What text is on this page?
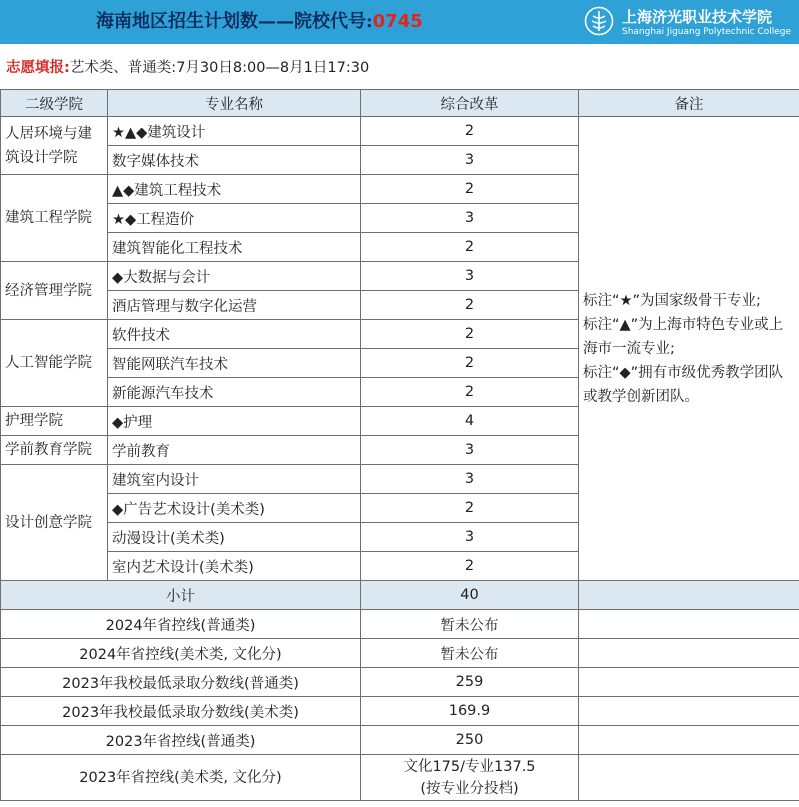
海南地区招生计划数——院校代号:0745	上海济光职业技术学院
Shanghai Jiguang Polytechnic College
志愿填报:艺术类、普通类:7月30日8:00—8月1日17:30
二级学院	专业名称	综合改革	备注
人居环境与建筑设计学院	★▲◆建筑设计	2	标注“★”为国家级骨干专业;
标注“▲”为上海市特色专业或上海市一流专业;
标注“◆”拥有市级优秀教学团队或教学创新团队。

	数字媒体技术	3	
建筑工程学院	▲◆建筑工程技术	2	
	★◆工程造价	3	
	建筑智能化工程技术	2	
经济管理学院	◆大数据与会计	3	
	酒店管理与数字化运营	2	
人工智能学院	软件技术	2	
	智能网联汽车技术	2	
	新能源汽车技术	2	
护理学院	◆护理	4	
学前教育学院	学前教育	3	
设计创意学院	建筑室内设计	3	
	◆广告艺术设计(美术类)	2	
	动漫设计(美术类)	3	
	室内艺术设计(美术类)	2	
小计		40	
2024年省控线(普通类)		暂未公布	
2024年省控线(美术类, 文化分)		暂未公布	
2023年我校最低录取分数线(普通类)		259	
2023年我校最低录取分数线(美术类)		169.9	
2023年省控线(普通类)		250	
2023年省控线(美术类, 文化分)		文化175/专业137.5
(按专业分投档)	
